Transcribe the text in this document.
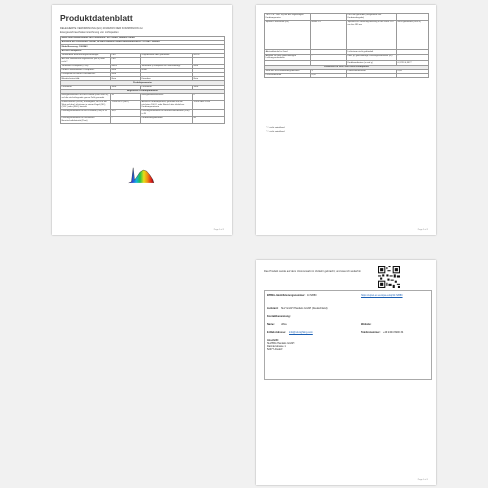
Produktdatenblatt
DELEGIERTE VERORDNUNG (EU) 2019/2015 DER KOMMISSION zur
Energieverbrauchskennzeichnung von Lichtquellen
Name oder Handelsmarke des Lieferanten: SLV GmbH, Handels GmbH			
Anschrift des Lieferanten: offical, SLV/BIG Handels GmbH Haberlandstrasse 1 D-52477 Alsdorf			
Modellkennung: 1002943			
Art der Lichtquelle:			
Verwendete Beleuchtungstechnologie:	LED	Ungebündelt oder gebündelt:	NDLS
Auf den Netzbetrieb angewiesen (MLS) oder nicht?	LED		
Vernetzte Lichtquelle (CLS):	NEIN	Steuerbar (Lichtquelle im Lieferumfang):	Nein
Farblich abstimmbare Lichtquelle:	Nein	Hülle:	
Lichtquelle mit hoher Leuchtdichte:	Nein		
Blendschutzschild:	Nein	Dimmbar:	Nein
Produktparameter			
Parameter	Wert	Parameter	Wert
Allgemeine Produktparameter			
Energieverbrauch im Ein-Zustand (kWh/1000 h), auf die nächstliegende ganze Zahl gerundet	50	Energieeffizienzklasse	F
Nutzlichtstrom (Φuse), mit Angabe, ob sich der Wert auf den Lichtstrom in einem Kegel (90°), (120°) oder (360°) bezieht	1.680 lm in (360°)	Ähnliche Farbtemperatur, gerundet auf die nächsten 100 K, oder Bereich der ähnlichen Farbtemperaturen	3.000 oder 4.000
Leistungsaufnahme im Ein-Zustand (Pon) in W	30,0	Leistungsaufnahme im Bereitschaftsbetrieb (Psb) in W	
Leistungsaufnahme im vernetzten Bereitschaftsbetrieb (Pnet)	-	Farbwiedergabeindex	80
Page 1 of 2
Tri-/C.I.E. 1931 x/y mit der zugehörigen Farbtemperatur		Lm-Zahl gerundet (ausgehend von Farbwiedergabe)	
Spitzen-Lichtstärke (cd)	Breite 1/2	Spezifische Strahlungsleistung in der Form 210 nm bis 495 nm	Nicht gebündelt (NDLS)
Abstrahlwinkel in Grad		Lichtstrom nicht gebündelt	
Angabe zu einer gleichwertigen Leistungsaufnahme	-	Falls ja, gleichwertige Leistungsaufnahme (W)	-
		Farbkoordinaten (x und y)	0,3723 0,3577
Parameter für LED- und OLED-Lichtquellen			
Wert des R9-Farbwiedergabeindex	5	Lebensdauerfaktor	0,85
Lichtstromerhalt	0,92		
"-": nicht zutreffend
"-": nicht zutreffend
Page 2 of 2
Das Produkt wurde auf dem Unionsmarkt in Verkehr gebracht; und was ich weiterhin
EPREL-Identifizierungsnummer: 1172880	https://eprel.ec.europa.eu/qr/1172880
Lieferant: SLV GmbH Handels GmbH (Deutschland)
Kontaktbenennung:
Name:	office	Website:
E-Mail-Adresse: info@slv-lighting.com	Telefonnummer: +49 2404 6900 34
Anschrift:
SLV/BIG Handels GmbH
Daimlerstrasse 1
52477 Alsdorf
Page 1 of 1
